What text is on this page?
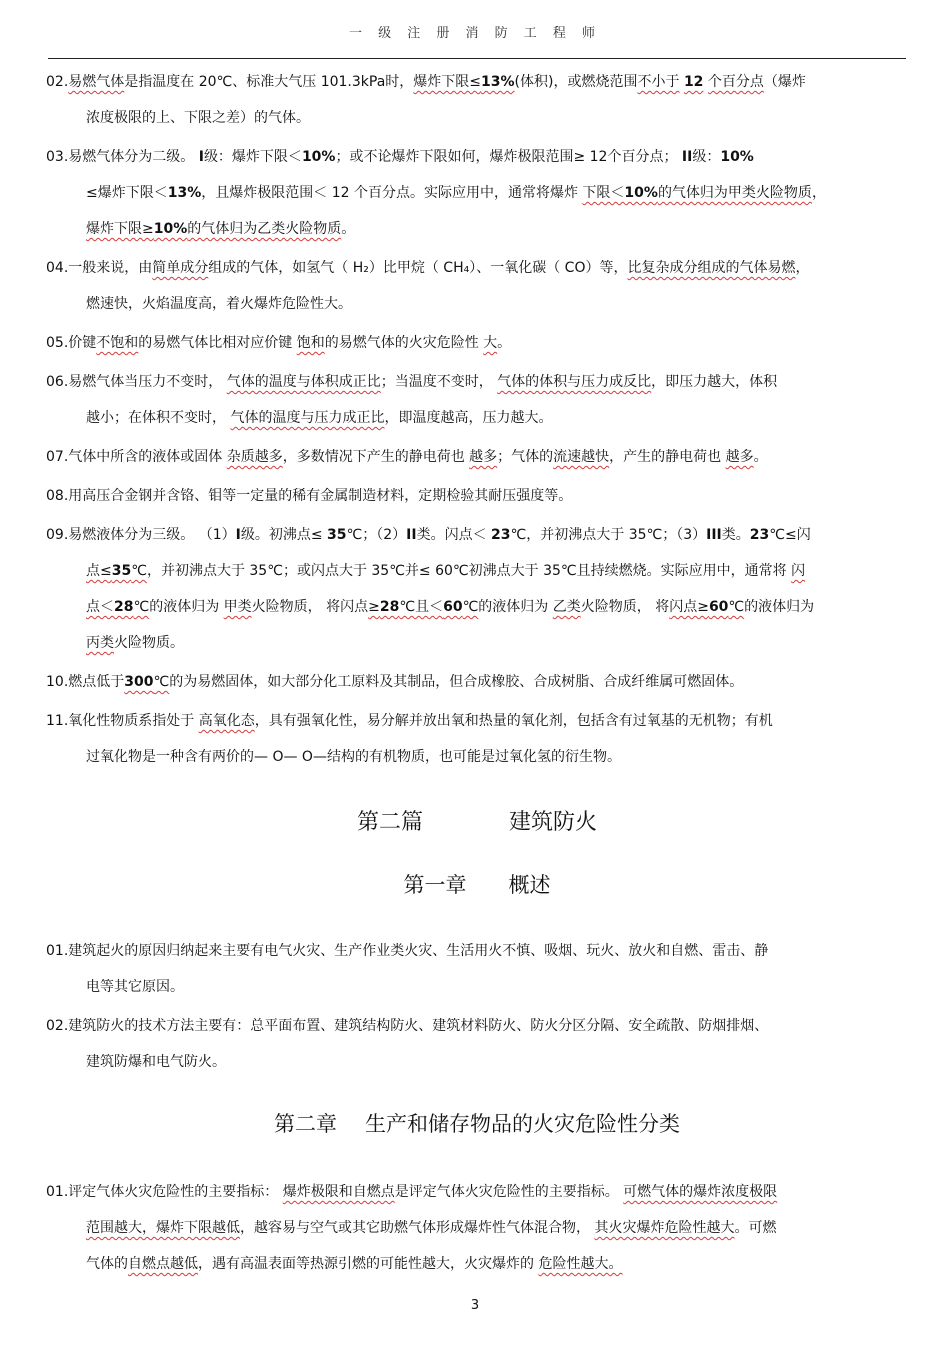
一 级 注 册 消 防 工 程 师
02.易燃气体是指温度在 20℃、标准大气压 101.3kPa时，爆炸下限≤13%(体积)，或燃烧范围不小于 12 个百分点（爆炸
浓度极限的上、下限之差）的气体。
03.易燃气体分为二级。 I级：爆炸下限＜10%；或不论爆炸下限如何，爆炸极限范围≥ 12个百分点； II级：10%
≤爆炸下限＜13%，且爆炸极限范围＜ 12 个百分点。实际应用中，通常将爆炸 下限＜10%的气体归为甲类火险物质，
爆炸下限≥10%的气体归为乙类火险物质。
04.一般来说，由简单成分组成的气体，如氢气（ H₂）比甲烷（ CH₄）、一氧化碳（ CO）等，比复杂成分组成的气体易燃，
燃速快，火焰温度高，着火爆炸危险性大。
05.价键不饱和的易燃气体比相对应价键 饱和的易燃气体的火灾危险性 大。
06.易燃气体当压力不变时， 气体的温度与体积成正比；当温度不变时， 气体的体积与压力成反比，即压力越大，体积
越小；在体积不变时， 气体的温度与压力成正比，即温度越高，压力越大。
07.气体中所含的液体或固体 杂质越多，多数情况下产生的静电荷也 越多；气体的流速越快，产生的静电荷也 越多。
08.用高压合金钢并含铬、钼等一定量的稀有金属制造材料，定期检验其耐压强度等。
09.易燃液体分为三级。 （1）I级。初沸点≤ 35℃；（2）II类。闪点＜ 23℃，并初沸点大于 35℃；（3）III类。23℃≤闪
点≤35℃，并初沸点大于 35℃；或闪点大于 35℃并≤ 60℃初沸点大于 35℃且持续燃烧。实际应用中，通常将 闪
点＜28℃的液体归为 甲类火险物质， 将闪点≥28℃且＜60℃的液体归为 乙类火险物质， 将闪点≥60℃的液体归为
丙类火险物质。
10.燃点低于300℃的为易燃固体，如大部分化工原料及其制品，但合成橡胶、合成树脂、合成纤维属可燃固体。
11.氧化性物质系指处于 高氧化态，具有强氧化性，易分解并放出氧和热量的氧化剂，包括含有过氧基的无机物；有机
过氧化物是一种含有两价的— O— O—结构的有机物质，也可能是过氧化氢的衍生物。
第二篇	建筑防火
第一章 概述
01.建筑起火的原因归纳起来主要有电气火灾、生产作业类火灾、生活用火不慎、吸烟、玩火、放火和自燃、雷击、静
电等其它原因。
02.建筑防火的技术方法主要有：总平面布置、建筑结构防火、建筑材料防火、防火分区分隔、安全疏散、防烟排烟、
建筑防爆和电气防火。
第二章 生产和储存物品的火灾危险性分类
01.评定气体火灾危险性的主要指标： 爆炸极限和自燃点是评定气体火灾危险性的主要指标。 可燃气体的爆炸浓度极限
范围越大，爆炸下限越低，越容易与空气或其它助燃气体形成爆炸性气体混合物， 其火灾爆炸危险性越大。可燃
气体的自燃点越低，遇有高温表面等热源引燃的可能性越大，火灾爆炸的 危险性越大。
3
